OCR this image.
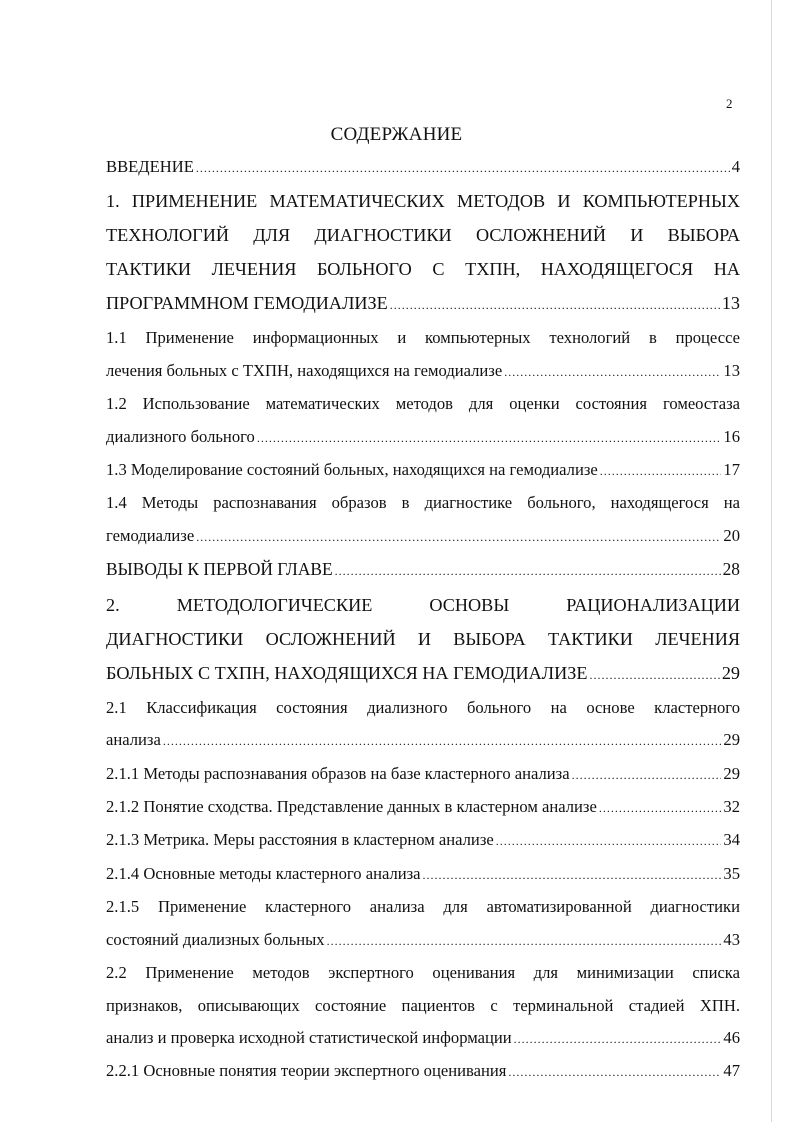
2
СОДЕРЖАНИЕ
ВВЕДЕНИЕ .....	4
1. ПРИМЕНЕНИЕ МАТЕМАТИЧЕСКИХ МЕТОДОВ И КОМПЬЮТЕРНЫХ
ТЕХНОЛОГИЙ ДЛЯ ДИАГНОСТИКИ ОСЛОЖНЕНИЙ И ВЫБОРА
ТАКТИКИ ЛЕЧЕНИЯ БОЛЬНОГО С ТХПН, НАХОДЯЩЕГОСЯ НА
ПРОГРАММНОМ ГЕМОДИАЛИЗЕ .....	13
1.1 Применение информационных и компьютерных технологий в процессе
лечения больных с ТХПН, находящихся на гемодиализе .....	13
1.2 Использование математических методов для оценки состояния гомеостаза
диализного больного .....	16
1.3 Моделирование состояний больных, находящихся на гемодиализе .....	17
1.4 Методы распознавания образов в диагностике больного, находящегося на
гемодиализе .....	20
ВЫВОДЫ К ПЕРВОЙ ГЛАВЕ .....	28
2. МЕТОДОЛОГИЧЕСКИЕ ОСНОВЫ РАЦИОНАЛИЗАЦИИ
ДИАГНОСТИКИ ОСЛОЖНЕНИЙ И ВЫБОРА ТАКТИКИ ЛЕЧЕНИЯ
БОЛЬНЫХ С ТХПН, НАХОДЯЩИХСЯ НА ГЕМОДИАЛИЗЕ .....	29
2.1 Классификация состояния диализного больного на основе кластерного
анализа .....	29
2.1.1 Методы распознавания образов на базе кластерного анализа .....	29
2.1.2 Понятие сходства. Представление данных в кластерном анализе .....	32
2.1.3 Метрика. Меры расстояния в кластерном анализе .....	34
2.1.4 Основные методы кластерного анализа .....	35
2.1.5 Применение кластерного анализа для автоматизированной диагностики
состояний диализных больных .....	43
2.2 Применение методов экспертного оценивания для минимизации списка
признаков, описывающих состояние пациентов с терминальной стадией ХПН.
анализ и проверка исходной статистической информации .....	46
2.2.1 Основные понятия теории экспертного оценивания .....	47
